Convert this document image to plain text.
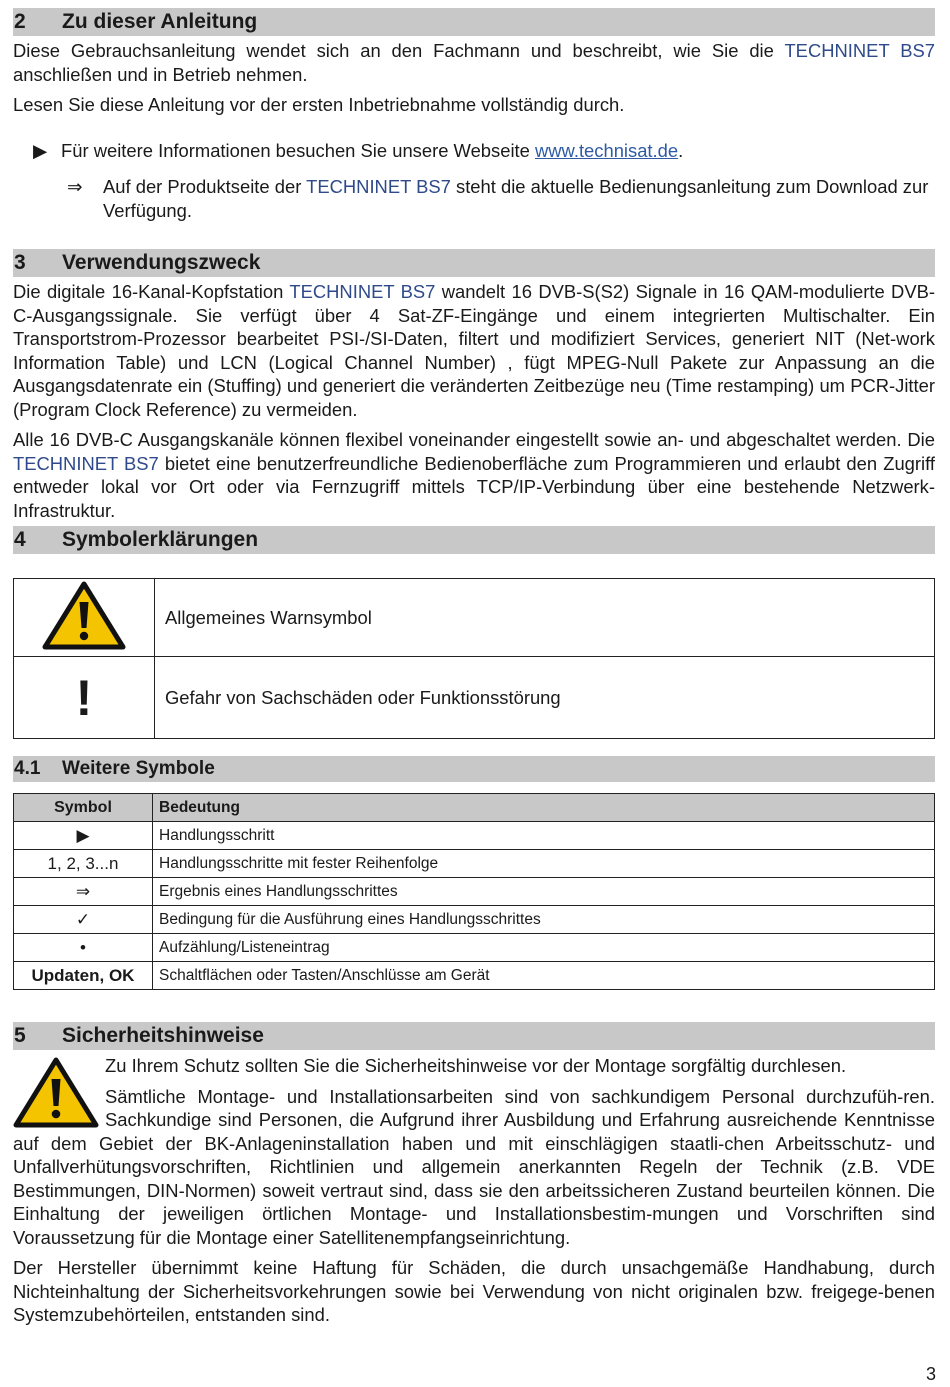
2	Zu dieser Anleitung

Diese Gebrauchsanleitung wendet sich an den Fachmann und beschreibt, wie Sie die TECHNINET BS7 anschließen und in Betrieb nehmen.

Lesen Sie diese Anleitung vor der ersten Inbetriebnahme vollständig durch.

▶ Für weitere Informationen besuchen Sie unsere Webseite www.technisat.de.
⇒	Auf der Produktseite der TECHNINET BS7 steht die aktuelle Bedienungsanleitung zum Download zur Verfügung.
3	Verwendungszweck

Die digitale 16-Kanal-Kopfstation TECHNINET BS7 wandelt 16 DVB-S(S2) Signale in 16 QAM-modulierte DVB-C-Ausgangssignale. Sie verfügt über 4 Sat-ZF-Eingänge und einem integrierten Multischalter. Ein Transportstrom-Prozessor bearbeitet PSI-/SI-Daten, filtert und modifiziert Services, generiert NIT (Net-work Information Table) und LCN (Logical Channel Number) , fügt MPEG-Null Pakete zur Anpassung an die Ausgangsdatenrate ein (Stuffing) und generiert die veränderten Zeitbezüge neu (Time restamping) um PCR-Jitter (Program Clock Reference) zu vermeiden.

Alle 16 DVB-C Ausgangskanäle können flexibel voneinander eingestellt sowie an- und abgeschaltet werden. Die TECHNINET BS7 bietet eine benutzerfreundliche Bedienoberfläche zum Programmieren und erlaubt den Zugriff entweder lokal vor Ort oder via Fernzugriff mittels TCP/IP-Verbindung über eine bestehende Netzwerk-Infrastruktur.

4	Symbolerklärungen
	Allgemeines Warnsymbol
!	Gefahr von Sachschäden oder Funktionsstörung
4.1	Weitere Symbole
Symbol	Bedeutung
▶	Handlungsschritt
1, 2, 3...n	Handlungsschritte mit fester Reihenfolge
⇒	Ergebnis eines Handlungsschrittes
✓	Bedingung für die Ausführung eines Handlungsschrittes
•	Aufzählung/Listeneintrag
Updaten, OK	Schaltflächen oder Tasten/Anschlüsse am Gerät
5	Sicherheitshinweise

Zu Ihrem Schutz sollten Sie die Sicherheitshinweise vor der Montage sorgfältig durchlesen.

Sämtliche Montage- und Installationsarbeiten sind von sachkundigem Personal durchzufüh-ren. Sachkundige sind Personen, die Aufgrund ihrer Ausbildung und Erfahrung ausreichende Kenntnisse auf dem Gebiet der BK-Anlageninstallation haben und mit einschlägigen staatli-chen Arbeitsschutz- und Unfallverhütungsvorschriften, Richtlinien und allgemein anerkannten Regeln der Technik (z.B. VDE Bestimmungen, DIN-Normen) soweit vertraut sind, dass sie den arbeitssicheren Zustand beurteilen können. Die Einhaltung der jeweiligen örtlichen Montage- und Installationsbestim-mungen und Vorschriften sind Voraussetzung für die Montage einer Satellitenempfangseinrichtung.

Der Hersteller übernimmt keine Haftung für Schäden, die durch unsachgemäße Handhabung, durch Nichteinhaltung der Sicherheitsvorkehrungen sowie bei Verwendung von nicht originalen bzw. freigege-benen Systemzubehörteilen, entstanden sind.

3
